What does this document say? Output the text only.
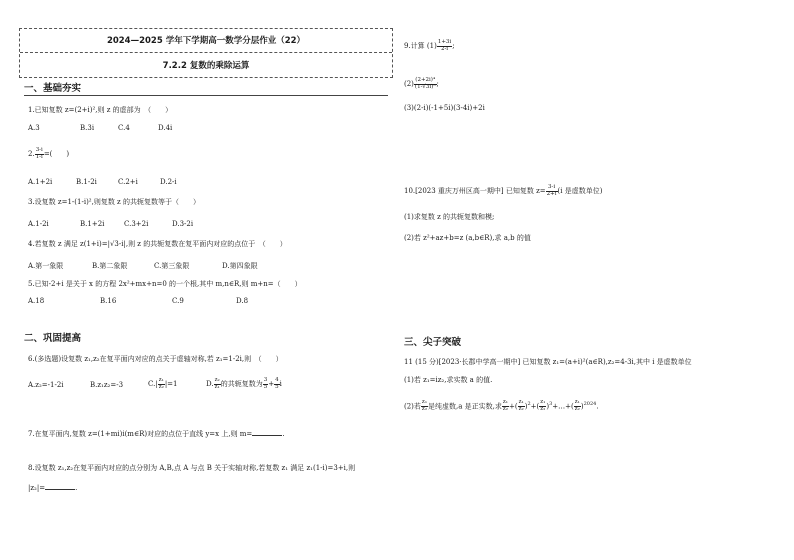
2024—2025 学年下学期高一数学分层作业（22）
7.2.2 复数的乘除运算
一、基础夯实
1.已知复数 z=(2+i)²,则 z 的虚部为　（　　）
A.3	B.3i	C.4	D.4i
2. $\frac{3-i}{1-i}$ =(　　)
A.1+2i	B.1-2i	C.2+i	D.2-i
3.设复数 z=1-(1-i)²,则复数 z 的共轭复数等于（　　）
A.1-2i	B.1+2i	C.3+2i	D.3-2i
4.若复数 z 满足 z(1+i)=|√3-i|,则 z 的共轭复数在复平面内对应的点位于　（　　）
A.第一象限	B.第二象限	C.第三象限	D.第四象限
5.已知-2+i 是关于 x 的方程 2x²+mx+n=0 的一个根,其中 m,n∈R,则 m+n=（　　）
A.18	B.16	C.9	D.8
二、巩固提高
6.(多选题)设复数 z₁,z₂在复平面内对应的点关于虚轴对称,若 z₁=1-2i,则　（　　）
A.z₂=-1-2i	B.z₁z₂=-3	$C.| \frac{\text{z₁}}{\text{z₂}} |=1$	D. $\frac{\text{z₂}}{\text{z₁}}$ 的共轭复数为 $\frac{3}{5} + \frac{4}{5}$ i
7.在复平面内,复数 z=(1+mi)i(m∈R)对应的点位于直线 y=x 上,则 m=	.
8.设复数 z₁,z₂在复平面内对应的点分别为 A,B,点 A 与点 B 关于实轴对称,若复数 z₁ 满足 z₁(1-i)=3+i,则
|z₂|=	.
9.计算 $(1) \frac{1+3i}{2-i}$ ;
$(2) \frac{\text{(2+2i)⁴}}{\text{(1-√3i)⁵}}$ ;
(3)(2-i)(-1+5i)(3-4i)+2i
10.[2023 重庆万州区高一期中] 已知复数 $z= \frac{3-i}{2+i} (i$ 是虚数单位)
(1)求复数 z 的共轭复数和模;
(2)若 z²+az+b=z (a,b∈R),求 a,b 的值
三、尖子突破
11 (15 分)[2023·长郡中学高一期中] 已知复数 z₁=(a+i)²(a∈R),z₂=4-3i,其中 i 是虚数单位
(1)若 z₁=iz₂,求实数 a 的值.
(2)若 $\frac{\text{z₁}}{\text{z₂}}$ 是纯虚数,a 是正实数,求 $\frac{\text{z₁}}{\text{z₂}}$ +( $\frac{\text{z₁}}{\text{z₂}} )^2+( \frac{\text{z₁}}{\text{z₂}}$ )$^3+\dots+( \frac{\text{z₁}}{\text{z₂}} )^{2024}$.
